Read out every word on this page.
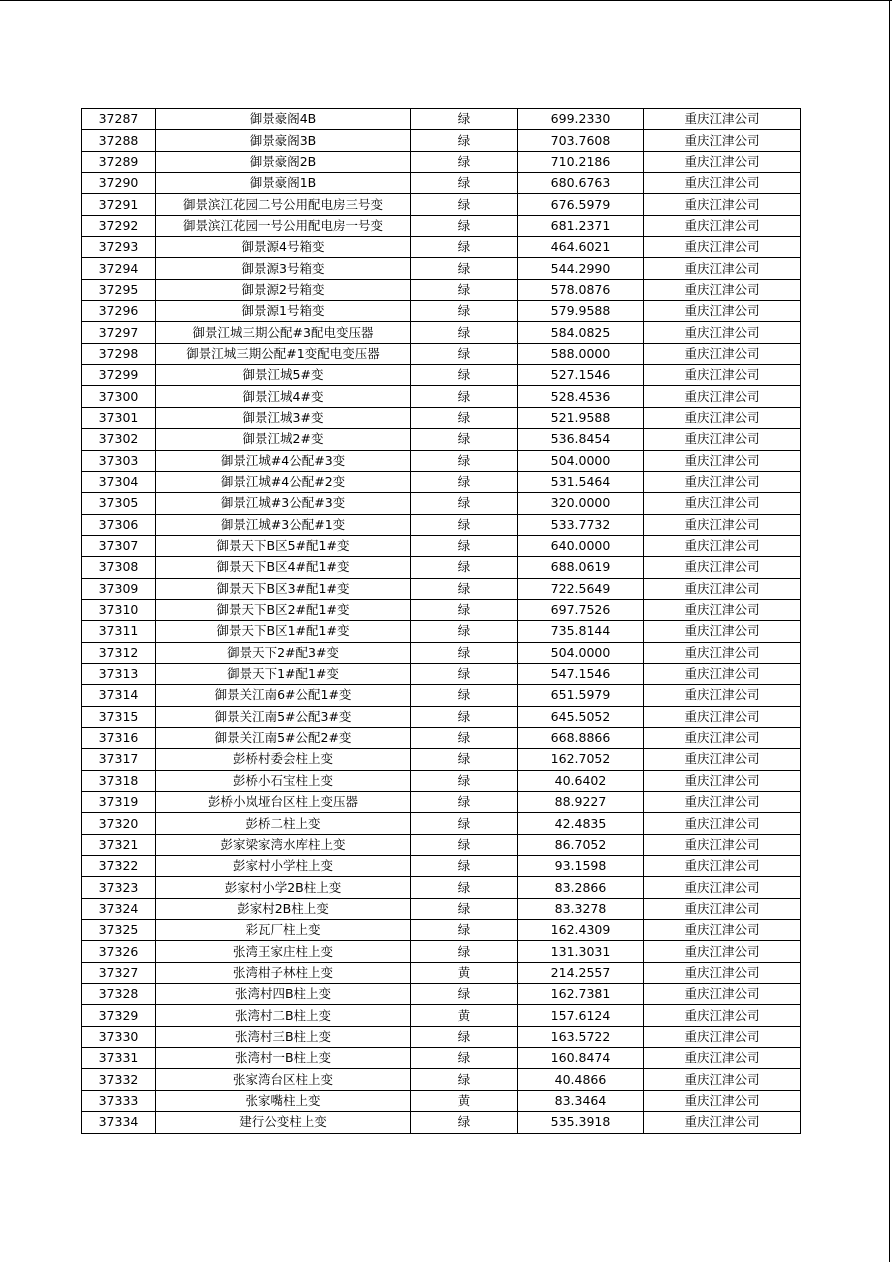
37287	御景豪阁4B	绿	699.2330	重庆江津公司
37288	御景豪阁3B	绿	703.7608	重庆江津公司
37289	御景豪阁2B	绿	710.2186	重庆江津公司
37290	御景豪阁1B	绿	680.6763	重庆江津公司
37291	御景滨江花园二号公用配电房三号变	绿	676.5979	重庆江津公司
37292	御景滨江花园一号公用配电房一号变	绿	681.2371	重庆江津公司
37293	御景源4号箱变	绿	464.6021	重庆江津公司
37294	御景源3号箱变	绿	544.2990	重庆江津公司
37295	御景源2号箱变	绿	578.0876	重庆江津公司
37296	御景源1号箱变	绿	579.9588	重庆江津公司
37297	御景江城三期公配#3配电变压器	绿	584.0825	重庆江津公司
37298	御景江城三期公配#1变配电变压器	绿	588.0000	重庆江津公司
37299	御景江城5#变	绿	527.1546	重庆江津公司
37300	御景江城4#变	绿	528.4536	重庆江津公司
37301	御景江城3#变	绿	521.9588	重庆江津公司
37302	御景江城2#变	绿	536.8454	重庆江津公司
37303	御景江城#4公配#3变	绿	504.0000	重庆江津公司
37304	御景江城#4公配#2变	绿	531.5464	重庆江津公司
37305	御景江城#3公配#3变	绿	320.0000	重庆江津公司
37306	御景江城#3公配#1变	绿	533.7732	重庆江津公司
37307	御景天下B区5#配1#变	绿	640.0000	重庆江津公司
37308	御景天下B区4#配1#变	绿	688.0619	重庆江津公司
37309	御景天下B区3#配1#变	绿	722.5649	重庆江津公司
37310	御景天下B区2#配1#变	绿	697.7526	重庆江津公司
37311	御景天下B区1#配1#变	绿	735.8144	重庆江津公司
37312	御景天下2#配3#变	绿	504.0000	重庆江津公司
37313	御景天下1#配1#变	绿	547.1546	重庆江津公司
37314	御景关江南6#公配1#变	绿	651.5979	重庆江津公司
37315	御景关江南5#公配3#变	绿	645.5052	重庆江津公司
37316	御景关江南5#公配2#变	绿	668.8866	重庆江津公司
37317	彭桥村委会柱上变	绿	162.7052	重庆江津公司
37318	彭桥小石宝柱上变	绿	40.6402	重庆江津公司
37319	彭桥小岚垭台区柱上变压器	绿	88.9227	重庆江津公司
37320	彭桥二柱上变	绿	42.4835	重庆江津公司
37321	彭家梁家湾水库柱上变	绿	86.7052	重庆江津公司
37322	彭家村小学柱上变	绿	93.1598	重庆江津公司
37323	彭家村小学2B柱上变	绿	83.2866	重庆江津公司
37324	彭家村2B柱上变	绿	83.3278	重庆江津公司
37325	彩瓦厂柱上变	绿	162.4309	重庆江津公司
37326	张湾王家庄柱上变	绿	131.3031	重庆江津公司
37327	张湾柑子林柱上变	黄	214.2557	重庆江津公司
37328	张湾村四B柱上变	绿	162.7381	重庆江津公司
37329	张湾村二B柱上变	黄	157.6124	重庆江津公司
37330	张湾村三B柱上变	绿	163.5722	重庆江津公司
37331	张湾村一B柱上变	绿	160.8474	重庆江津公司
37332	张家湾台区柱上变	绿	40.4866	重庆江津公司
37333	张家嘴柱上变	黄	83.3464	重庆江津公司
37334	建行公变柱上变	绿	535.3918	重庆江津公司
